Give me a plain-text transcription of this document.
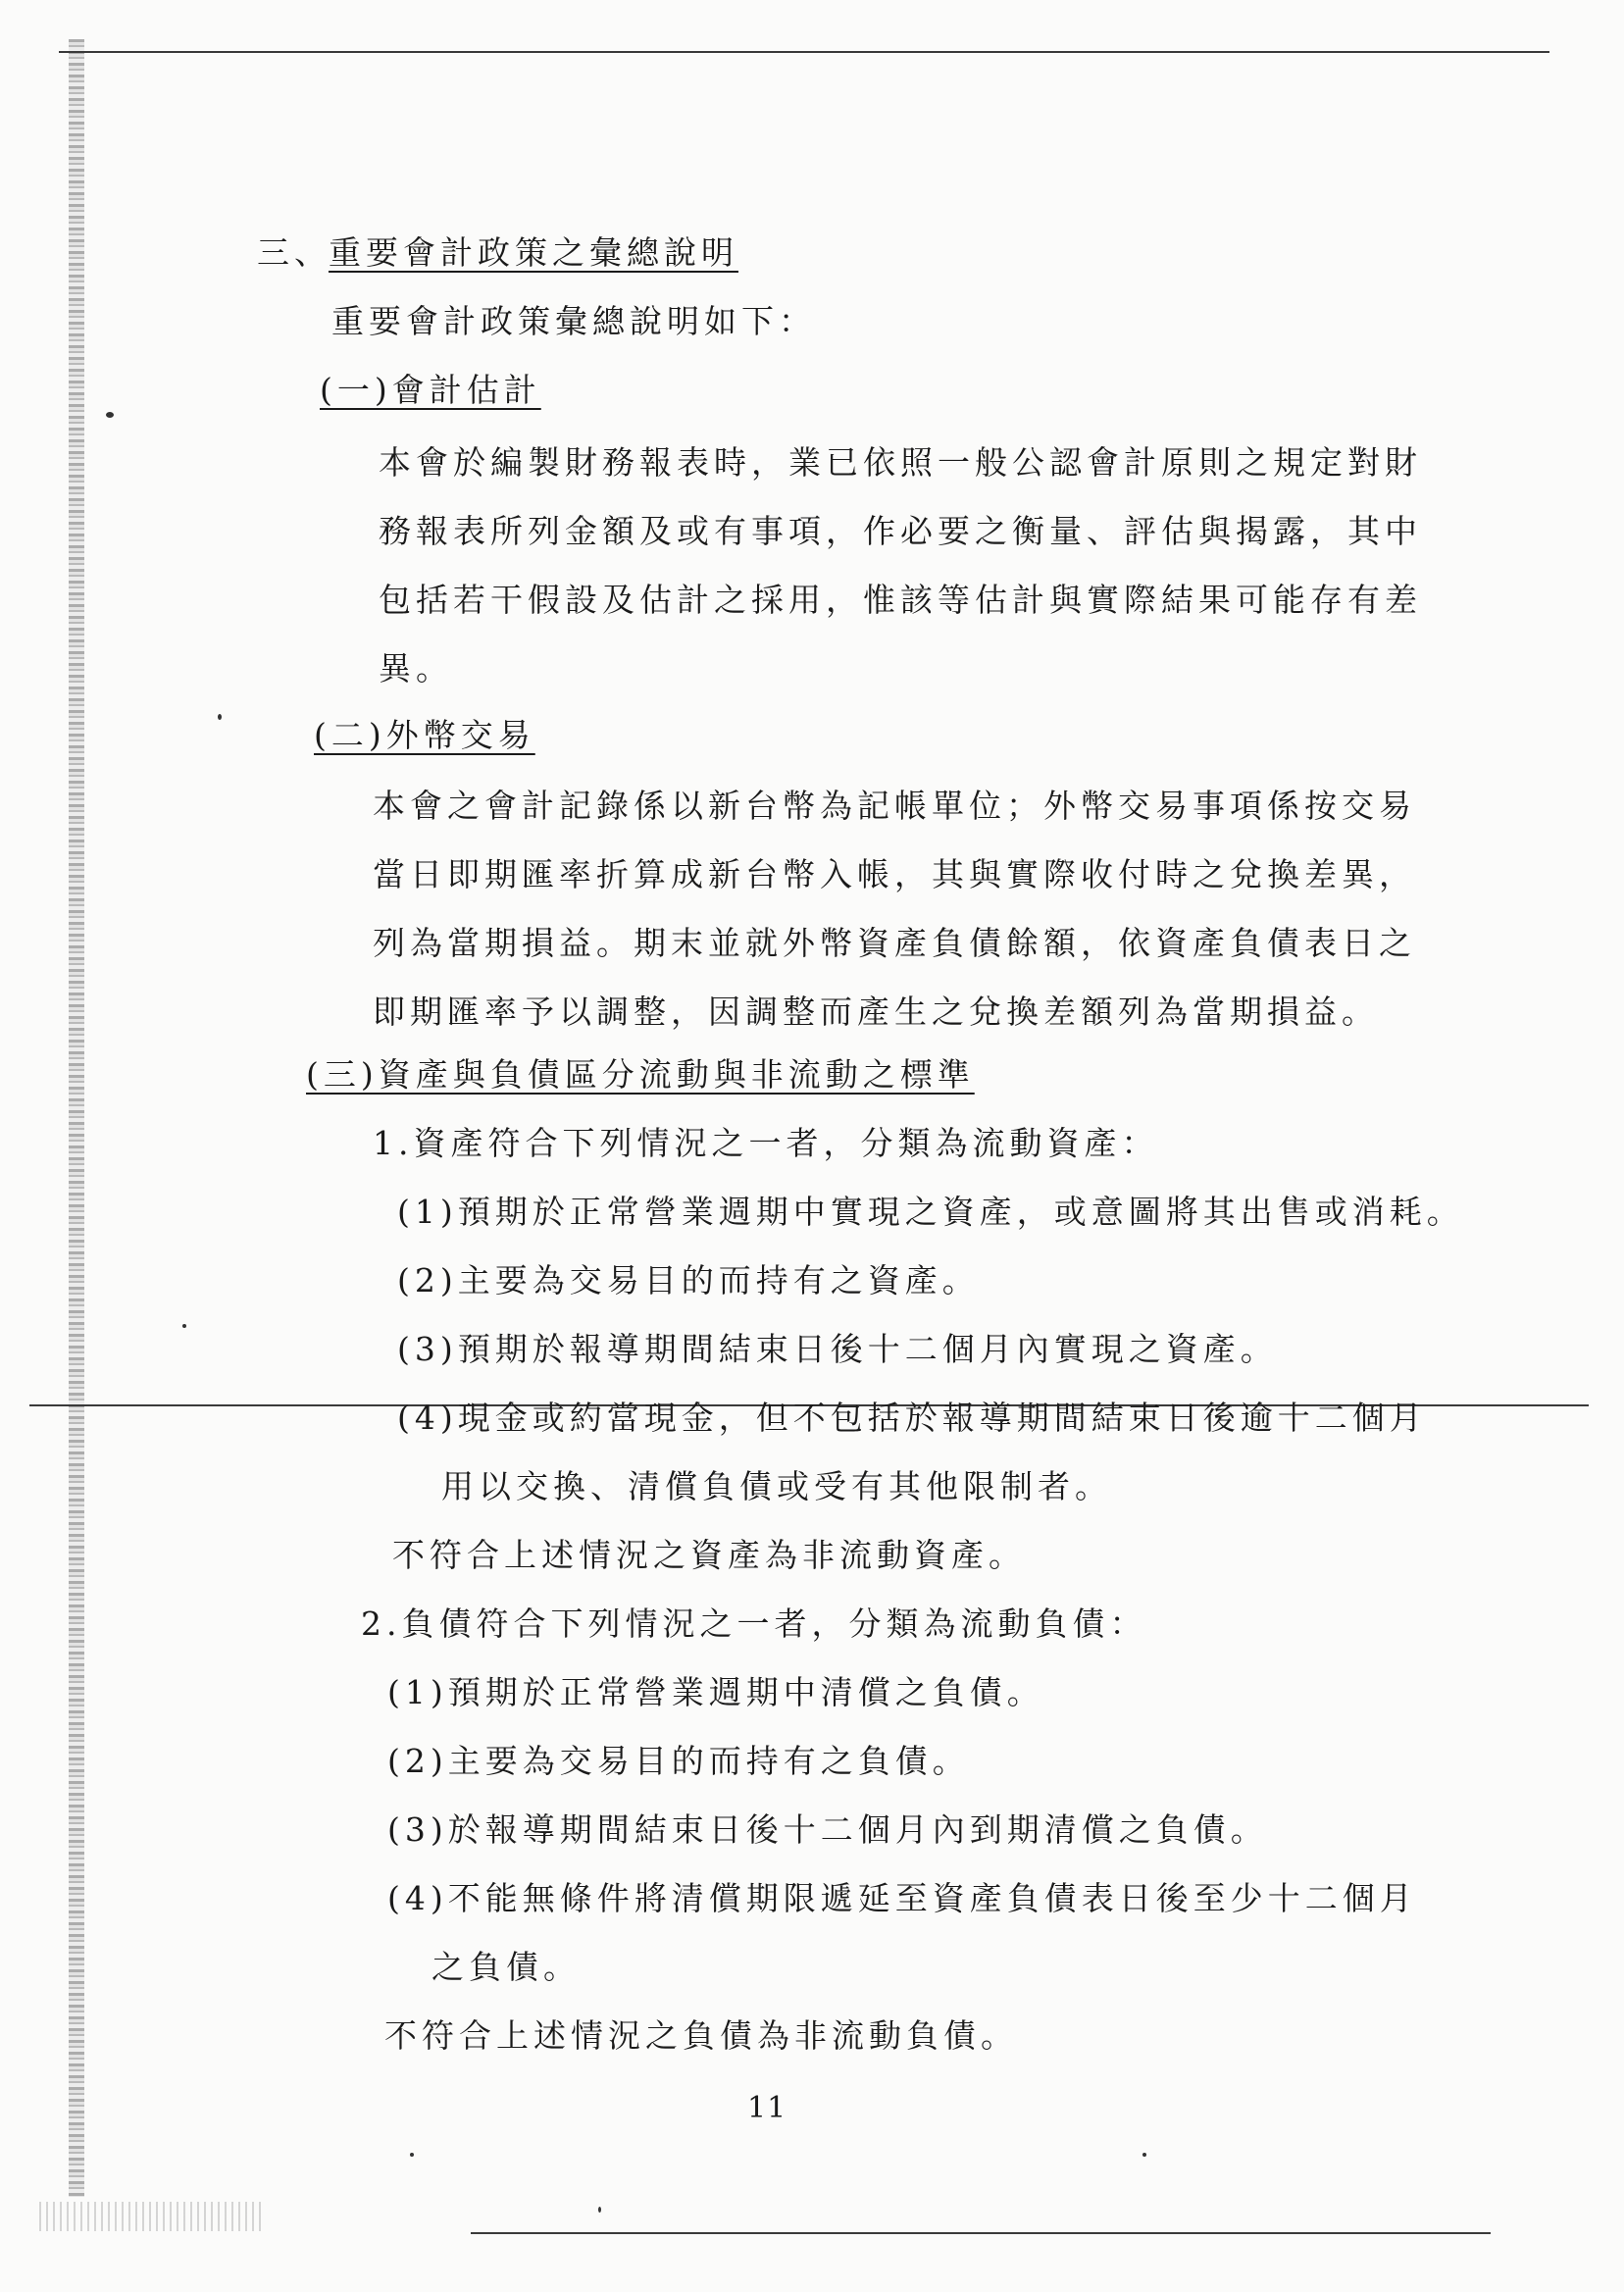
三、
重要會計政策之彙總說明
重要會計政策彙總說明如下：
(一)會計估計
本會於編製財務報表時，業已依照一般公認會計原則之規定對財
務報表所列金額及或有事項，作必要之衡量、評估與揭露，其中
包括若干假設及估計之採用，惟該等估計與實際結果可能存有差
異。
(二)外幣交易
本會之會計記錄係以新台幣為記帳單位；外幣交易事項係按交易
當日即期匯率折算成新台幣入帳，其與實際收付時之兌換差異，
列為當期損益。期末並就外幣資產負債餘額，依資產負債表日之
即期匯率予以調整，因調整而產生之兌換差額列為當期損益。
(三)資產與負債區分流動與非流動之標準
1.資產符合下列情況之一者，分類為流動資產：
(1)預期於正常營業週期中實現之資產，或意圖將其出售或消耗。
(2)主要為交易目的而持有之資產。
(3)預期於報導期間結束日後十二個月內實現之資產。
(4)現金或約當現金，但不包括於報導期間結束日後逾十二個月
用以交換、清償負債或受有其他限制者。
不符合上述情況之資產為非流動資產。
2.負債符合下列情況之一者，分類為流動負債：
(1)預期於正常營業週期中清償之負債。
(2)主要為交易目的而持有之負債。
(3)於報導期間結束日後十二個月內到期清償之負債。
(4)不能無條件將清償期限遞延至資產負債表日後至少十二個月
之負債。
不符合上述情況之負債為非流動負債。
11
